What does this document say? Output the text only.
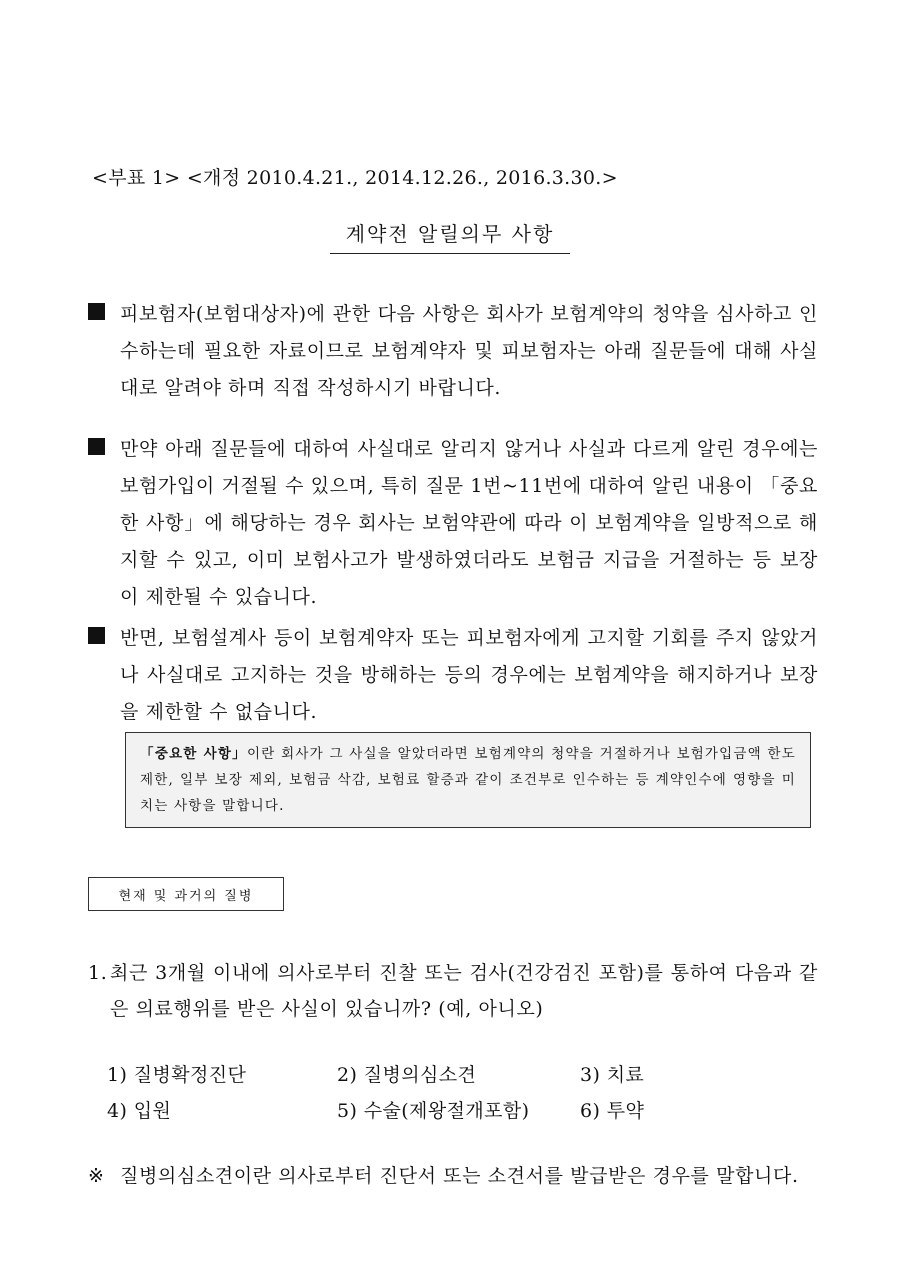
<부표 1> <개정 2010.4.21., 2014.12.26., 2016.3.30.>
계약전 알릴의무 사항
피보험자(보험대상자)에 관한 다음 사항은 회사가 보험계약의 청약을 심사하고 인수하는데 필요한 자료이므로 보험계약자 및 피보험자는 아래 질문들에 대해 사실대로 알려야 하며 직접 작성하시기 바랍니다.
만약 아래 질문들에 대하여 사실대로 알리지 않거나 사실과 다르게 알린 경우에는 보험가입이 거절될 수 있으며, 특히 질문 1번~11번에 대하여 알린 내용이 「중요한 사항」에 해당하는 경우 회사는 보험약관에 따라 이 보험계약을 일방적으로 해지할 수 있고, 이미 보험사고가 발생하였더라도 보험금 지급을 거절하는 등 보장이 제한될 수 있습니다.
반면, 보험설계사 등이 보험계약자 또는 피보험자에게 고지할 기회를 주지 않았거나 사실대로 고지하는 것을 방해하는 등의 경우에는 보험계약을 해지하거나 보장을 제한할 수 없습니다.
「중요한 사항」이란 회사가 그 사실을 알았더라면 보험계약의 청약을 거절하거나 보험가입금액 한도 제한, 일부 보장 제외, 보험금 삭감, 보험료 할증과 같이 조건부로 인수하는 등 계약인수에 영향을 미치는 사항을 말합니다.
현재 및 과거의 질병
1. 최근 3개월 이내에 의사로부터 진찰 또는 검사(건강검진 포함)를 통하여 다음과 같은 의료행위를 받은 사실이 있습니까? (예, 아니오)
1) 질병확정진단	2) 질병의심소견	3) 치료
4) 입원	5) 수술(제왕절개포함)	6) 투약
※ 질병의심소견이란 의사로부터 진단서 또는 소견서를 발급받은 경우를 말합니다.
